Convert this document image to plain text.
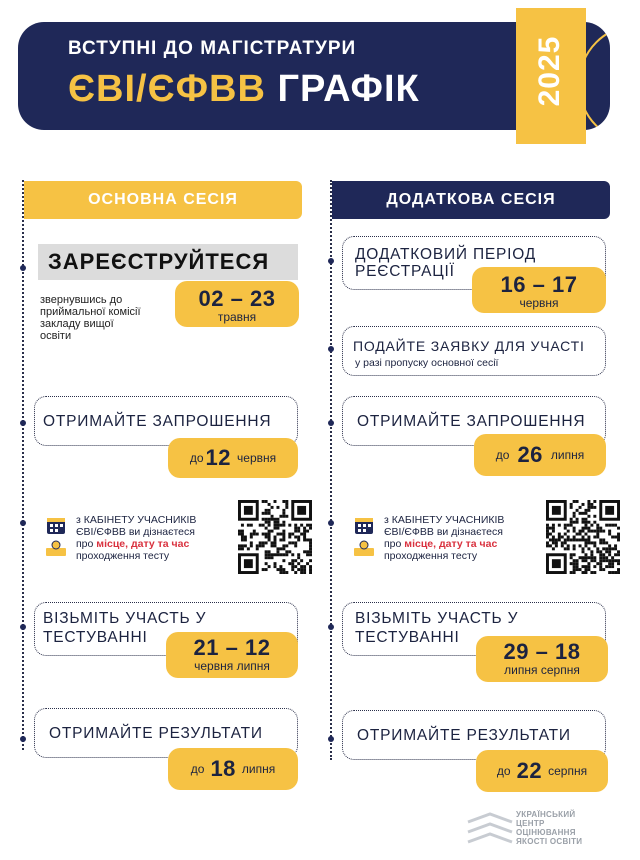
ВСТУПНІ ДО МАГІСТРАТУРИ
ЄВІ/ЄФВВ ГРАФІК	2025
ОСНОВНА СЕСІЯ	ДОДАТКОВА СЕСІЯ
ЗАРЕЄСТРУЙТЕСЯ
звернувшись до
приймальної комісії
закладу вищої
освіти
02 – 23
травня
ОТРИМАЙТЕ ЗАПРОШЕННЯ
до 12 червня
з КАБІНЕТУ УЧАСНИКІВ
ЄВІ/ЄФВВ ви дізнаєтеся
про місце, дату та час
проходження тесту
ВІЗЬМІТЬ УЧАСТЬ У
ТЕСТУВАННІ	21 – 12
червня липня
ОТРИМАЙТЕ РЕЗУЛЬТАТИ
до 18 липня
ДОДАТКОВИЙ ПЕРІОД
РЕЄСТРАЦІЇ
16 – 17
червня
ПОДАЙТЕ ЗАЯВКУ ДЛЯ УЧАСТІ
у разі пропуску основної сесії
ОТРИМАЙТЕ ЗАПРОШЕННЯ
до 26 липня
з КАБІНЕТУ УЧАСНИКІВ
ЄВІ/ЄФВВ ви дізнаєтеся
про місце, дату та час
проходження тесту
ВІЗЬМІТЬ УЧАСТЬ У
ТЕСТУВАННІ
29 – 18
липня серпня
ОТРИМАЙТЕ РЕЗУЛЬТАТИ
до 22 серпня
УКРАЇНСЬКИЙ
ЦЕНТР
ОЦІНЮВАННЯ
ЯКОСТІ ОСВІТИ
